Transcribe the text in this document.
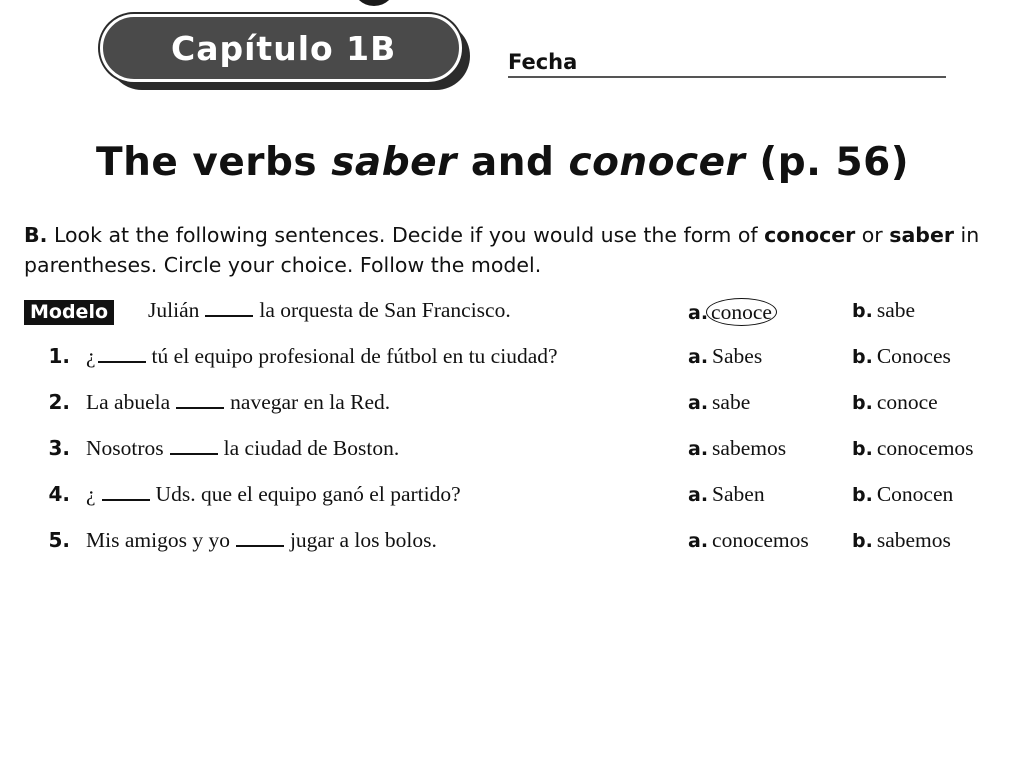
Capítulo 1B	Fecha
The verbs saber and conocer (p. 56)
B. Look at the following sentences. Decide if you would use the form of conocer or saber in parentheses. Circle your choice. Follow the model.
Modelo Julián	la orquesta de San Francisco.	a. conoce	b. sabe
1. ¿	tú el equipo profesional de fútbol en tu ciudad?	a. Sabes	b. Conoces
2. La abuela	navegar en la Red.	a. sabe	b. conoce
3. Nosotros	la ciudad de Boston.	a. sabemos	b. conocemos
4. ¿	Uds. que el equipo ganó el partido?	a. Saben	b. Conocen
5. Mis amigos y yo	jugar a los bolos.	a. conocemos b. sabemos
